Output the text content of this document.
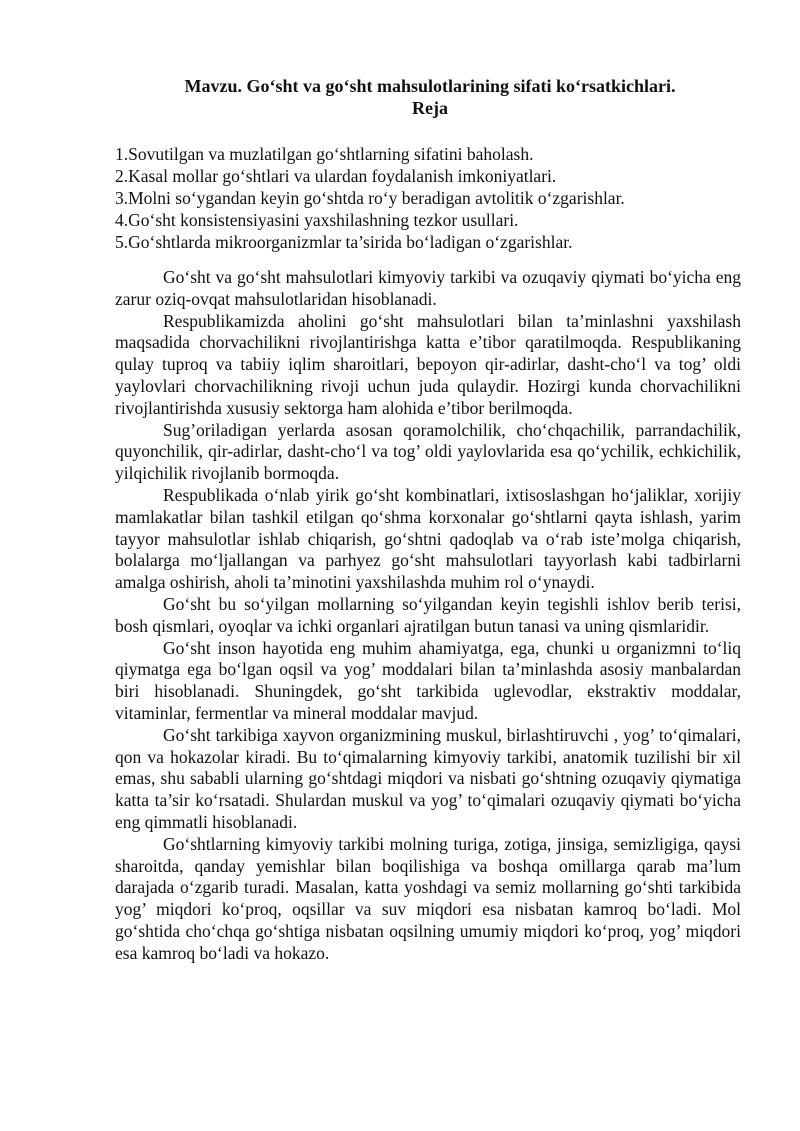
Mavzu. Go‘sht va go‘sht mahsulotlarining sifati ko‘rsatkichlari.

Reja

1.Sovutilgan va muzlatilgan go‘shtlarning sifatini baholash.
2.Kasal mollar go‘shtlari va ulardan foydalanish imkoniyatlari.
3.Molni so‘ygandan keyin go‘shtda ro‘y beradigan avtolitik o‘zgarishlar.
4.Go‘sht konsistensiyasini yaxshilashning tezkor usullari.
5.Go‘shtlarda mikroorganizmlar ta’sirida bo‘ladigan o‘zgarishlar.

Go‘sht va go‘sht mahsulotlari kimyoviy tarkibi va ozuqaviy qiymati bo‘yicha eng zarur oziq-ovqat mahsulotlaridan hisoblanadi.

Respublikamizda aholini go‘sht mahsulotlari bilan ta’minlashni yaxshilash maqsadida chorvachilikni rivojlantirishga katta e’tibor qaratilmoqda. Respublikaning qulay tuproq va tabiiy iqlim sharoitlari, bepoyon qir-adirlar, dasht-cho‘l va tog’ oldi yaylovlari chorvachilikning rivoji uchun juda qulaydir. Hozirgi kunda chorvachilikni rivojlantirishda xususiy sektorga ham alohida e’tibor berilmoqda.

Sug’oriladigan yerlarda asosan qoramolchilik, cho‘chqachilik, parrandachilik, quyonchilik, qir-adirlar, dasht-cho‘l va tog’ oldi yaylovlarida esa qo‘ychilik, echkichilik, yilqichilik rivojlanib bormoqda.

Respublikada o‘nlab yirik go‘sht kombinatlari, ixtisoslashgan ho‘jaliklar, xorijiy mamlakatlar bilan tashkil etilgan qo‘shma korxonalar go‘shtlarni qayta ishlash, yarim tayyor mahsulotlar ishlab chiqarish, go‘shtni qadoqlab va o‘rab iste’molga chiqarish, bolalarga mo‘ljallangan va parhyez go‘sht mahsulotlari tayyorlash kabi tadbirlarni amalga oshirish, aholi ta’minotini yaxshilashda muhim rol o‘ynaydi.

Go‘sht bu so‘yilgan mollarning so‘yilgandan keyin tegishli ishlov berib terisi, bosh qismlari, oyoqlar va ichki organlari ajratilgan butun tanasi va uning qismlaridir.

Go‘sht inson hayotida eng muhim ahamiyatga, ega, chunki u organizmni to‘liq qiymatga ega bo‘lgan oqsil va yog’ moddalari bilan ta’minlashda asosiy manbalardan biri hisoblanadi. Shuningdek, go‘sht tarkibida uglevodlar, ekstraktiv moddalar, vitaminlar, fermentlar va mineral moddalar mavjud.

Go‘sht tarkibiga xayvon organizmining muskul, birlashtiruvchi , yog’ to‘qimalari, qon va hokazolar kiradi. Bu to‘qimalarning kimyoviy tarkibi, anatomik tuzilishi bir xil emas, shu sababli ularning go‘shtdagi miqdori va nisbati go‘shtning ozuqaviy qiymatiga katta ta’sir ko‘rsatadi. Shulardan muskul va yog’ to‘qimalari ozuqaviy qiymati bo‘yicha eng qimmatli hisoblanadi.

Go‘shtlarning kimyoviy tarkibi molning turiga, zotiga, jinsiga, semizligiga, qaysi sharoitda, qanday yemishlar bilan boqilishiga va boshqa omillarga qarab ma’lum darajada o‘zgarib turadi. Masalan, katta yoshdagi va semiz mollarning go‘shti tarkibida yog’ miqdori ko‘proq, oqsillar va suv miqdori esa nisbatan kamroq bo‘ladi. Mol go‘shtida cho‘chqa go‘shtiga nisbatan oqsilning umumiy miqdori ko‘proq, yog’ miqdori esa kamroq bo‘ladi va hokazo.
